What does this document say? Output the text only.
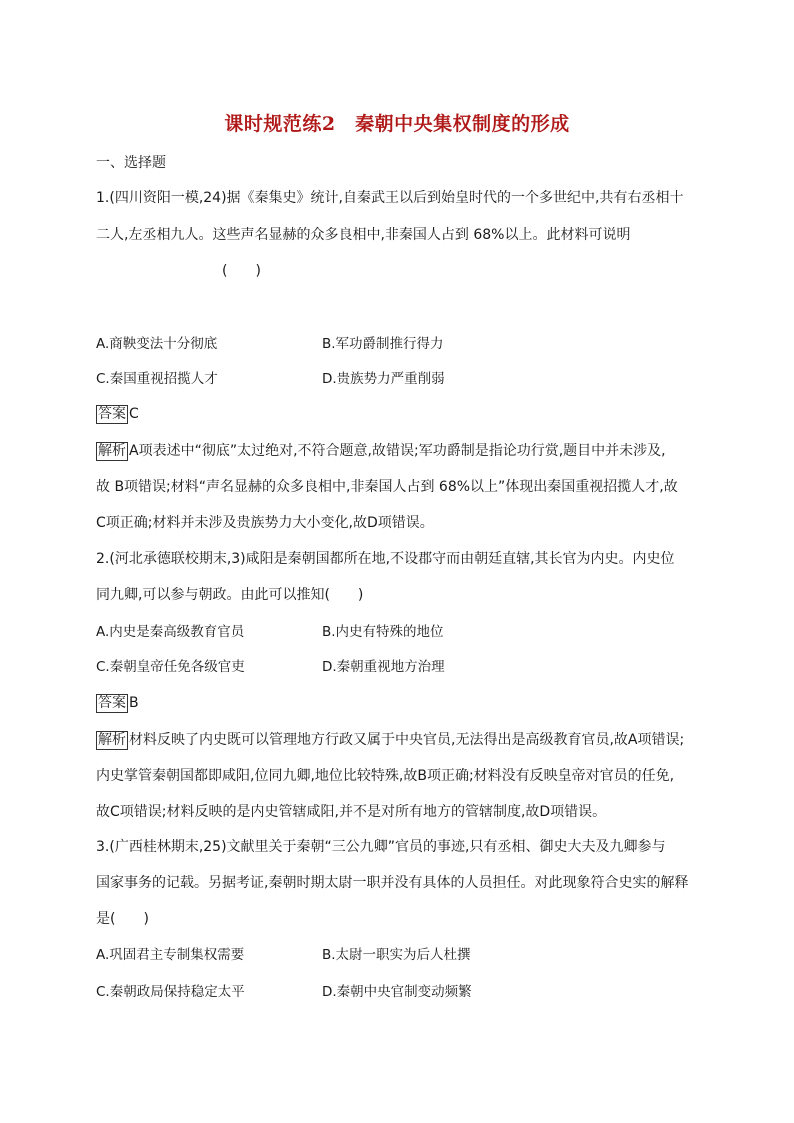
课时规范练2　秦朝中央集权制度的形成
一、选择题
1.(四川资阳一模,24)据《秦集史》统计,自秦武王以后到始皇时代的一个多世纪中,共有右丞相十
二人,左丞相九人。这些声名显赫的众多良相中,非秦国人占到 68%以上。此材料可说明
(　　)
A.商鞅变法十分彻底	B.军功爵制推行得力
C.秦国重视招揽人才	D.贵族势力严重削弱
答案 C
解析 A项表述中“彻底”太过绝对,不符合题意,故错误;军功爵制是指论功行赏,题目中并未涉及,
故 B项错误;材料“声名显赫的众多良相中,非秦国人占到 68%以上”体现出秦国重视招揽人才,故
C项正确;材料并未涉及贵族势力大小变化,故D项错误。
2.(河北承德联校期末,3)咸阳是秦朝国都所在地,不设郡守而由朝廷直辖,其长官为内史。内史位
同九卿,可以参与朝政。由此可以推知(　　)
A.内史是秦高级教育官员	B.内史有特殊的地位
C.秦朝皇帝任免各级官吏	D.秦朝重视地方治理
答案 B
解析 材料反映了内史既可以管理地方行政又属于中央官员,无法得出是高级教育官员,故A项错误;
内史掌管秦朝国都即咸阳,位同九卿,地位比较特殊,故B项正确;材料没有反映皇帝对官员的任免,
故C项错误;材料反映的是内史管辖咸阳,并不是对所有地方的管辖制度,故D项错误。
3.(广西桂林期末,25)文献里关于秦朝“三公九卿”官员的事迹,只有丞相、御史大夫及九卿参与
国家事务的记载。另据考证,秦朝时期太尉一职并没有具体的人员担任。对此现象符合史实的解释
是(　　)
A.巩固君主专制集权需要	B.太尉一职实为后人杜撰
C.秦朝政局保持稳定太平	D.秦朝中央官制变动频繁
